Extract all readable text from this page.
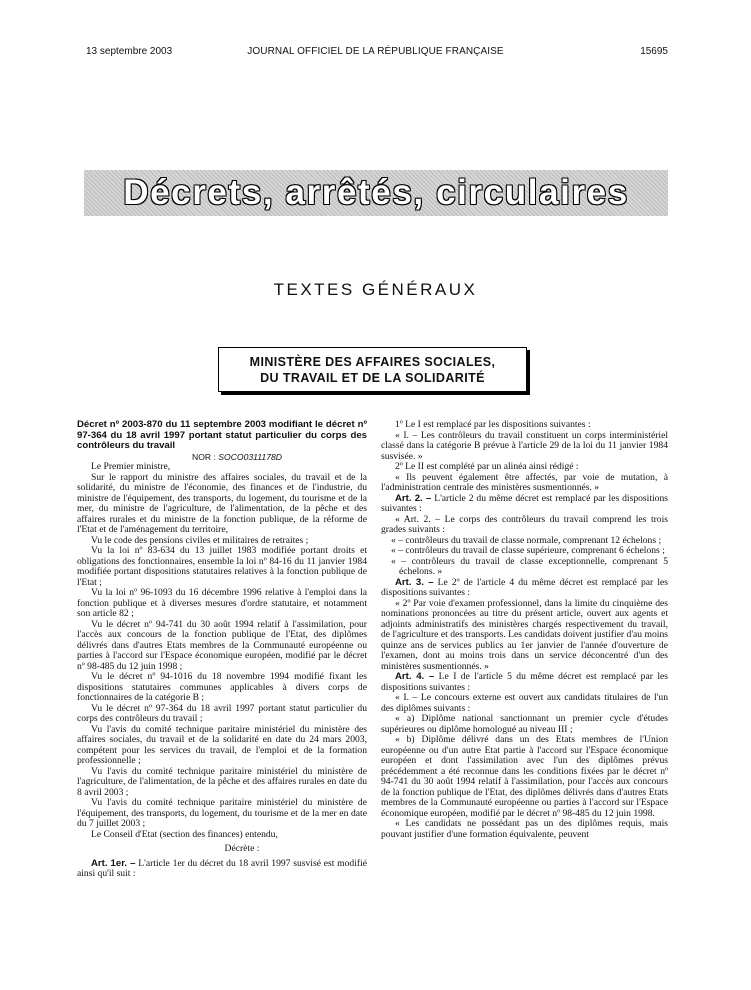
13 septembre 2003	JOURNAL OFFICIEL DE LA RÉPUBLIQUE FRANÇAISE	15695
Décrets, arrêtés, circulaires
TEXTES GÉNÉRAUX
MINISTÈRE DES AFFAIRES SOCIALES,
DU TRAVAIL ET DE LA SOLIDARITÉ

Décret nº 2003-870 du 11 septembre 2003 modifiant le décret nº 97-364 du 18 avril 1997 portant statut particulier du corps des contrôleurs du travail

NOR : SOCO0311178D

Le Premier ministre,

Sur le rapport du ministre des affaires sociales, du travail et de la solidarité, du ministre de l'économie, des finances et de l'industrie, du ministre de l'équipement, des transports, du logement, du tourisme et de la mer, du ministre de l'agriculture, de l'alimentation, de la pêche et des affaires rurales et du ministre de la fonction publique, de la réforme de l'Etat et de l'aménagement du territoire,

Vu le code des pensions civiles et militaires de retraites ;

Vu la loi nº 83-634 du 13 juillet 1983 modifiée portant droits et obligations des fonctionnaires, ensemble la loi nº 84-16 du 11 janvier 1984 modifiée portant dispositions statutaires relatives à la fonction publique de l'Etat ;

Vu la loi nº 96-1093 du 16 décembre 1996 relative à l'emploi dans la fonction publique et à diverses mesures d'ordre statutaire, et notamment son article 82 ;

Vu le décret nº 94-741 du 30 août 1994 relatif à l'assimilation, pour l'accès aux concours de la fonction publique de l'Etat, des diplômes délivrés dans d'autres Etats membres de la Communauté européenne ou parties à l'accord sur l'Espace économique européen, modifié par le décret nº 98-485 du 12 juin 1998 ;

Vu le décret nº 94-1016 du 18 novembre 1994 modifié fixant les dispositions statutaires communes applicables à divers corps de fonctionnaires de la catégorie B ;

Vu le décret nº 97-364 du 18 avril 1997 portant statut particulier du corps des contrôleurs du travail ;

Vu l'avis du comité technique paritaire ministériel du ministère des affaires sociales, du travail et de la solidarité en date du 24 mars 2003, compétent pour les services du travail, de l'emploi et de la formation professionnelle ;

Vu l'avis du comité technique paritaire ministériel du ministère de l'agriculture, de l'alimentation, de la pêche et des affaires rurales en date du 8 avril 2003 ;

Vu l'avis du comité technique paritaire ministériel du ministère de l'équipement, des transports, du logement, du tourisme et de la mer en date du 7 juillet 2003 ;

Le Conseil d'Etat (section des finances) entendu,

Décrète :

Art. 1er. – L'article 1er du décret du 18 avril 1997 susvisé est modifié ainsi qu'il suit :

1º Le I est remplacé par les dispositions suivantes :

« I. – Les contrôleurs du travail constituent un corps interministériel classé dans la catégorie B prévue à l'article 29 de la loi du 11 janvier 1984 susvisée. »

2º Le II est complété par un alinéa ainsi rédigé :

« Ils peuvent également être affectés, par voie de mutation, à l'administration centrale des ministères susmentionnés. »

Art. 2. – L'article 2 du même décret est remplacé par les dispositions suivantes :

« Art. 2. – Le corps des contrôleurs du travail comprend les trois grades suivants :

« – contrôleurs du travail de classe normale, comprenant 12 échelons ;

« – contrôleurs du travail de classe supérieure, comprenant 6 échelons ;

« – contrôleurs du travail de classe exceptionnelle, comprenant 5 échelons. »

Art. 3. – Le 2º de l'article 4 du même décret est remplacé par les dispositions suivantes :

« 2º Par voie d'examen professionnel, dans la limite du cinquième des nominations prononcées au titre du présent article, ouvert aux agents et adjoints administratifs des ministères chargés respectivement du travail, de l'agriculture et des transports. Les candidats doivent justifier d'au moins quinze ans de services publics au 1er janvier de l'année d'ouverture de l'examen, dont au moins trois dans un service déconcentré d'un des ministères susmentionnés. »

Art. 4. – Le I de l'article 5 du même décret est remplacé par les dispositions suivantes :

« I. – Le concours externe est ouvert aux candidats titulaires de l'un des diplômes suivants :

« a) Diplôme national sanctionnant un premier cycle d'études supérieures ou diplôme homologué au niveau III ;

« b) Diplôme délivré dans un des Etats membres de l'Union européenne ou d'un autre Etat partie à l'accord sur l'Espace économique européen et dont l'assimilation avec l'un des diplômes prévus précédemment a été reconnue dans les conditions fixées par le décret nº 94-741 du 30 août 1994 relatif à l'assimilation, pour l'accès aux concours de la fonction publique de l'Etat, des diplômes délivrés dans d'autres Etats membres de la Communauté européenne ou parties à l'accord sur l'Espace économique européen, modifié par le décret nº 98-485 du 12 juin 1998.

« Les candidats ne possédant pas un des diplômes requis, mais pouvant justifier d'une formation équivalente, peuvent
